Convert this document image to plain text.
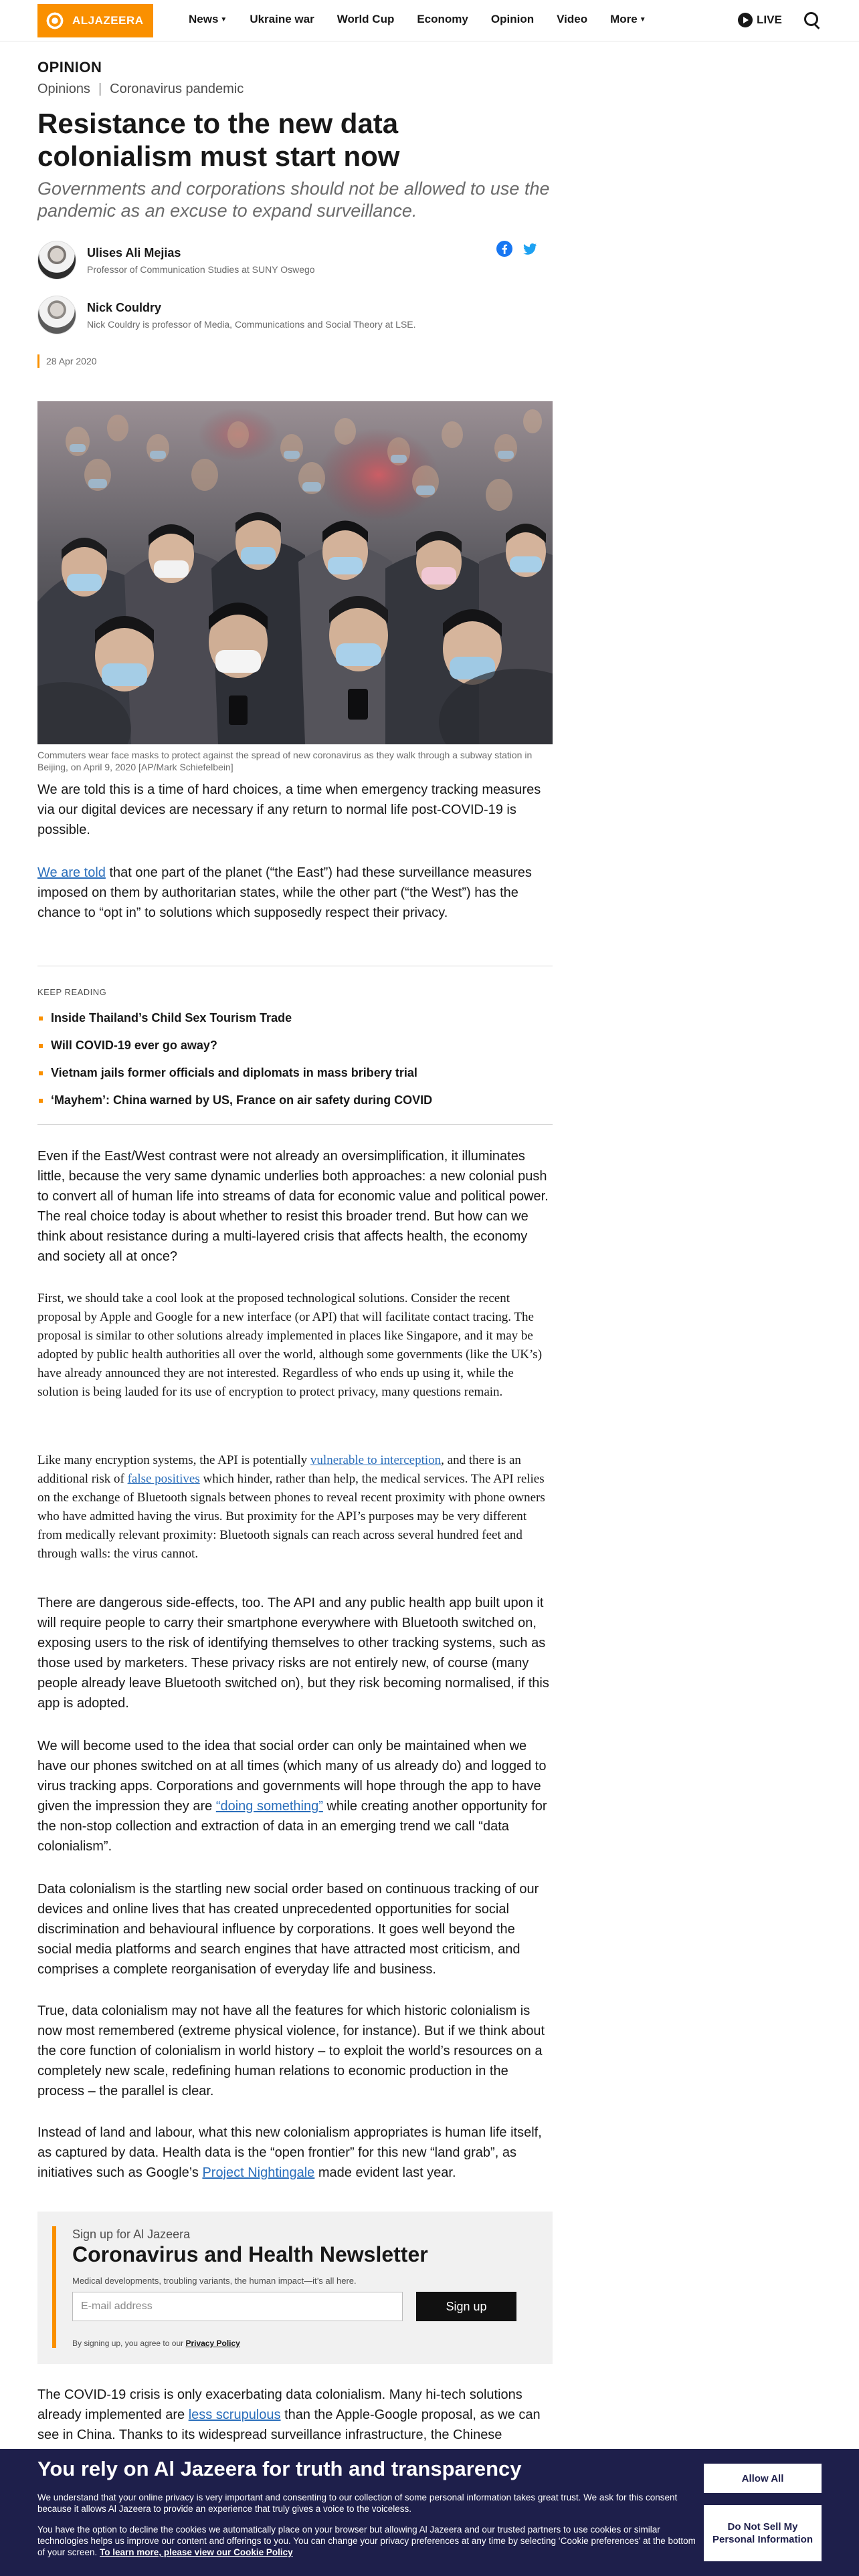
ALJAZEERA	News ▼ Ukraine war World Cup Economy Opinion Video More ▼	LIVE
OPINION
Opinions | Coronavirus pandemic
Resistance to the new data colonialism must start now

Governments and corporations should not be allowed to use the pandemic as an excuse to expand surveillance.

Ulises Ali Mejias
Professor of Communication Studies at SUNY Oswego
Nick Couldry
Nick Couldry is professor of Media, Communications and Social Theory at LSE.
28 Apr 2020
Commuters wear face masks to protect against the spread of new coronavirus as they walk through a subway station in Beijing, on April 9, 2020 [AP/Mark Schiefelbein]

We are told this is a time of hard choices, a time when emergency tracking measures via our digital devices are necessary if any return to normal life post-COVID-19 is possible.

We are told that one part of the planet (“the East”) had these surveillance measures imposed on them by authoritarian states, while the other part (“the West”) has the chance to “opt in” to solutions which supposedly respect their privacy.

KEEP READING
Inside Thailand’s Child Sex Tourism Trade
Will COVID-19 ever go away?
Vietnam jails former officials and diplomats in mass bribery trial
‘Mayhem’: China warned by US, France on air safety during COVID

Even if the East/West contrast were not already an oversimplification, it illuminates little, because the very same dynamic underlies both approaches: a new colonial push to convert all of human life into streams of data for economic value and political power. The real choice today is about whether to resist this broader trend. But how can we think about resistance during a multi-layered crisis that affects health, the economy and society all at once?

First, we should take a cool look at the proposed technological solutions. Consider the recent proposal by Apple and Google for a new interface (or API) that will facilitate contact tracing. The proposal is similar to other solutions already implemented in places like Singapore, and it may be adopted by public health authorities all over the world, although some governments (like the UK’s) have already announced they are not interested. Regardless of who ends up using it, while the solution is being lauded for its use of encryption to protect privacy, many questions remain.

Like many encryption systems, the API is potentially vulnerable to interception, and there is an additional risk of false positives which hinder, rather than help, the medical services. The API relies on the exchange of Bluetooth signals between phones to reveal recent proximity with phone owners who have admitted having the virus. But proximity for the API’s purposes may be very different from medically relevant proximity: Bluetooth signals can reach across several hundred feet and through walls: the virus cannot.

There are dangerous side-effects, too. The API and any public health app built upon it will require people to carry their smartphone everywhere with Bluetooth switched on, exposing users to the risk of identifying themselves to other tracking systems, such as those used by marketers. These privacy risks are not entirely new, of course (many people already leave Bluetooth switched on), but they risk becoming normalised, if this app is adopted.

We will become used to the idea that social order can only be maintained when we have our phones switched on at all times (which many of us already do) and logged to virus tracking apps. Corporations and governments will hope through the app to have given the impression they are “doing something” while creating another opportunity for the non-stop collection and extraction of data in an emerging trend we call “data colonialism”.

Data colonialism is the startling new social order based on continuous tracking of our devices and online lives that has created unprecedented opportunities for social discrimination and behavioural influence by corporations. It goes well beyond the social media platforms and search engines that have attracted most criticism, and comprises a complete reorganisation of everyday life and business.

True, data colonialism may not have all the features for which historic colonialism is now most remembered (extreme physical violence, for instance). But if we think about the core function of colonialism in world history – to exploit the world’s resources on a completely new scale, redefining human relations to economic production in the process – the parallel is clear.

Instead of land and labour, what this new colonialism appropriates is human life itself, as captured by data. Health data is the “open frontier” for this new “land grab”, as initiatives such as Google’s Project Nightingale made evident last year.

Sign up for Al Jazeera
Coronavirus and Health Newsletter
Medical developments, troubling variants, the human impact—it’s all here.
E-mail address
Sign up
By signing up, you agree to our Privacy Policy

The COVID-19 crisis is only exacerbating data colonialism. Many hi-tech solutions already implemented are less scrupulous than the Apple-Google proposal, as we can see in China. Thanks to its widespread surveillance infrastructure, the Chinese

You rely on Al Jazeera for truth and transparency

We understand that your online privacy is very important and consenting to our collection of some personal information takes great trust. We ask for this consent because it allows Al Jazeera to provide an experience that truly gives a voice to the voiceless.

You have the option to decline the cookies we automatically place on your browser but allowing Al Jazeera and our trusted partners to use cookies or similar technologies helps us improve our content and offerings to you. You can change your privacy preferences at any time by selecting ‘Cookie preferences’ at the bottom of your screen. To learn more, please view our Cookie Policy

Allow All
Do Not Sell My Personal Information
